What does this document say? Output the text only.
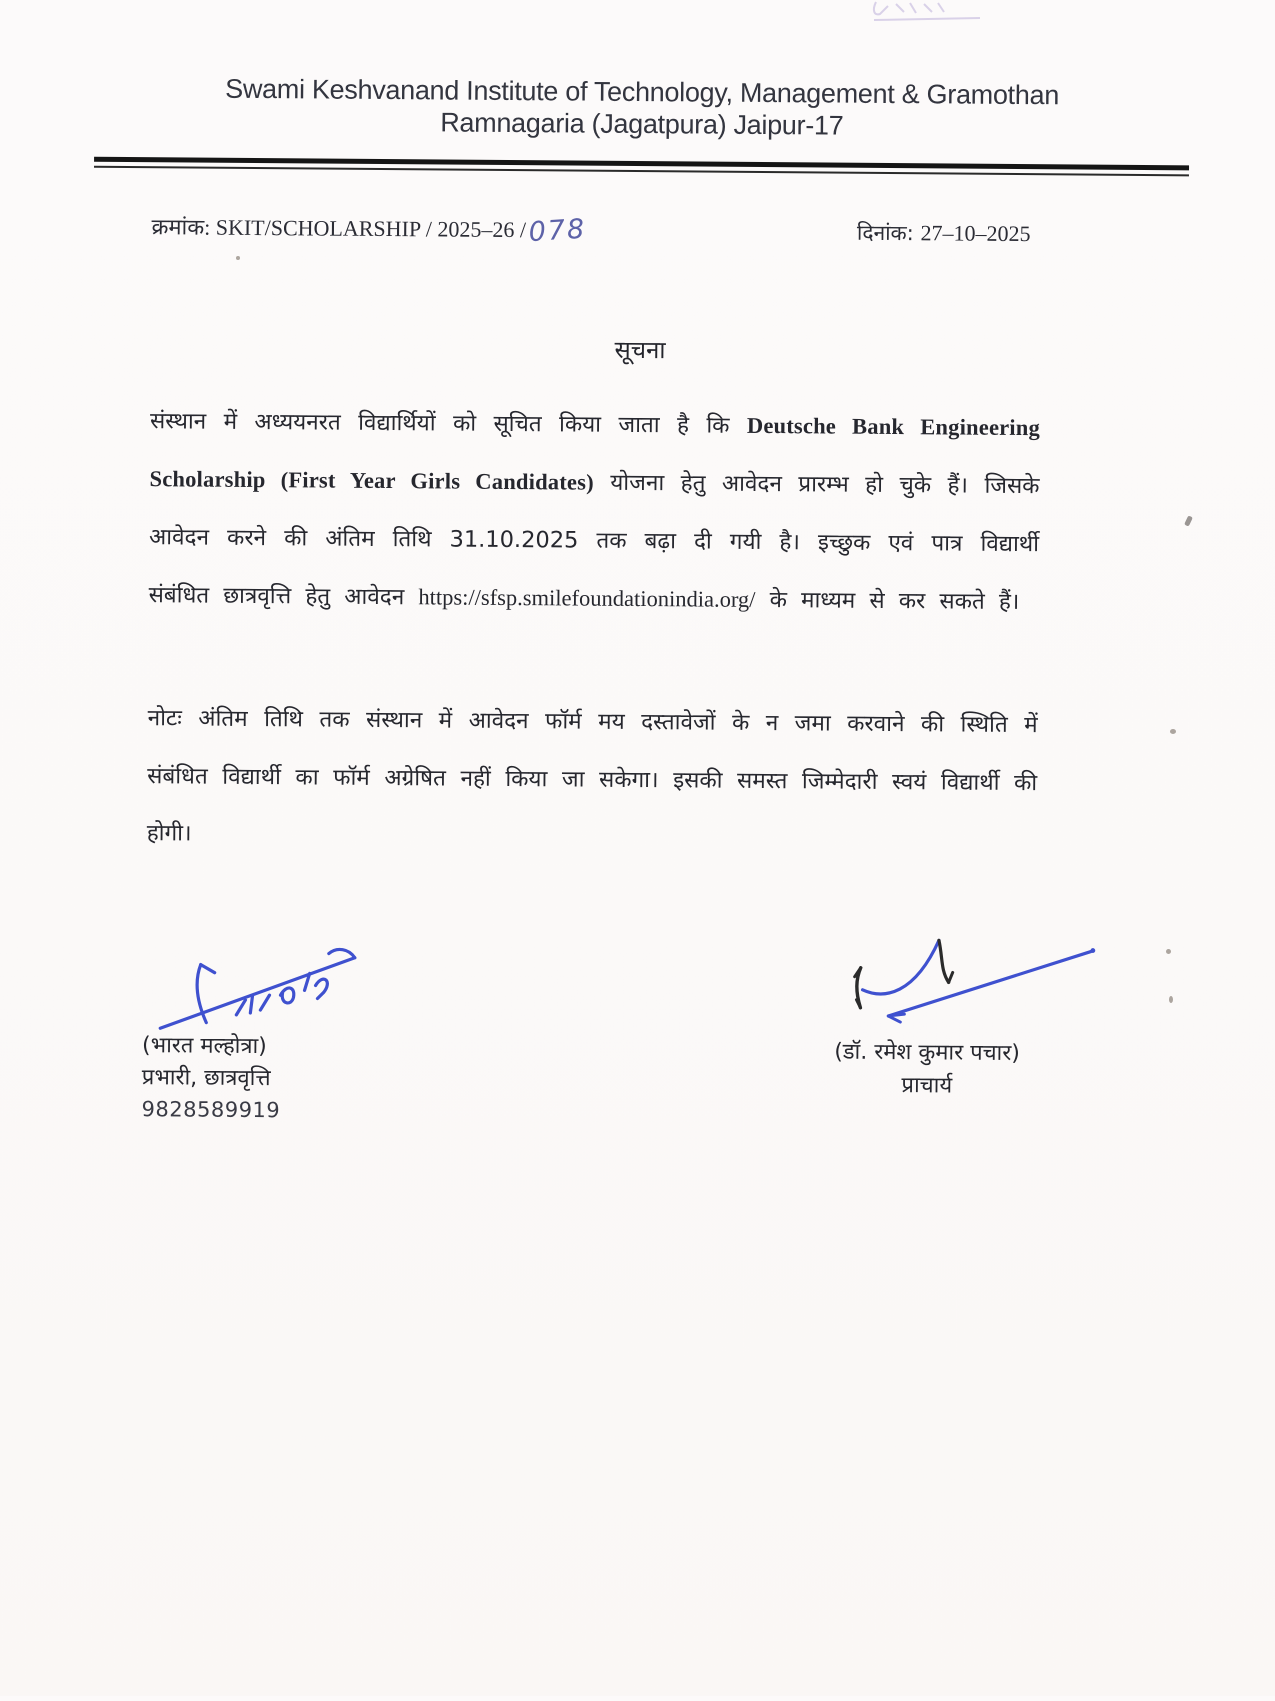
Swami Keshvanand Institute of Technology, Management & Gramothan
Ramnagaria (Jagatpura) Jaipur-17
क्रमांक: SKIT/SCHOLARSHIP / 2025–26 /078	दिनांक: 27–10–2025
सूचना

संस्थान में अध्ययनरत विद्यार्थियों को सूचित किया जाता है कि Deutsche Bank Engineering Scholarship (First Year Girls Candidates) योजना हेतु आवेदन प्रारम्भ हो चुके हैं। जिसके आवेदन करने की अंतिम तिथि 31.10.2025 तक बढ़ा दी गयी है। इच्छुक एवं पात्र विद्यार्थी संबंधित छात्रवृत्ति हेतु आवेदन https://sfsp.smilefoundationindia.org/ के माध्यम से कर सकते हैं।

नोटः अंतिम तिथि तक संस्थान में आवेदन फॉर्म मय दस्तावेजों के न जमा करवाने की स्थिति में संबंधित विद्यार्थी का फॉर्म अग्रेषित नहीं किया जा सकेगा। इसकी समस्त जिम्मेदारी स्वयं विद्यार्थी की होगी।

(भारत मल्होत्रा)
प्रभारी, छात्रवृत्ति
9828589919
(डॉ. रमेश कुमार पचार)
प्राचार्य
